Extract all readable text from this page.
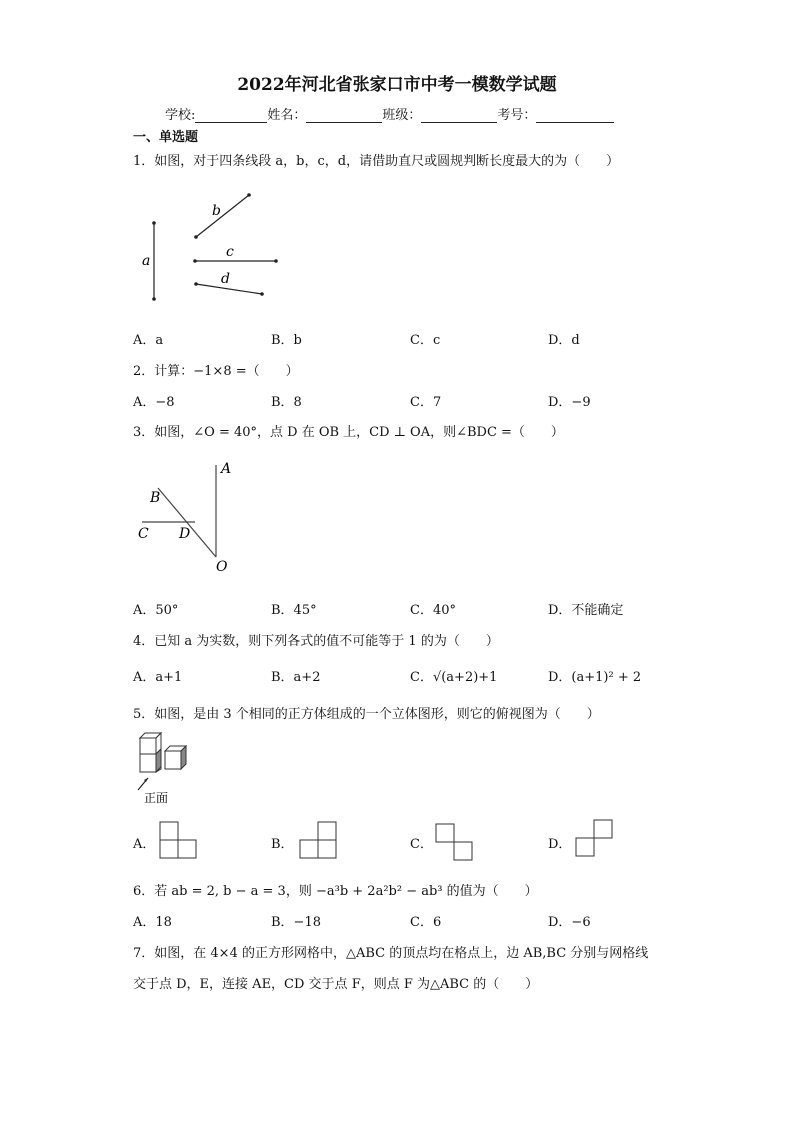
2022年河北省张家口市中考一模数学试题
学校:	姓名：	班级：	考号：
一、单选题
1．如图，对于四条线段 a，b，c，d，请借助直尺或圆规判断长度最大的为（　　）
a
b
c
d
A．a	B．b	C．c	D．d
2．计算：−1×8 =（　　）
A．−8	B．8	C．7	D．−9
3．如图，∠O = 40°，点 D 在 OB 上，CD ⊥ OA，则∠BDC =（　　）
A
B
C D
O
A．50°	B．45°	C．40°	D．不能确定
4．已知 a 为实数，则下列各式的值不可能等于 1 的为（　　）
A．a+1	B．a+2	C．√(a+2)+1	D．(a+1)² + 2
5．如图，是由 3 个相同的正方体组成的一个立体图形，则它的俯视图为（　　）
正面
A．	B．	C．	D．
6．若 ab = 2, b − a = 3，则 −a³b + 2a²b² − ab³ 的值为（　　）
A．18	B．−18	C．6	D．−6
7．如图，在 4×4 的正方形网格中，△ABC 的顶点均在格点上，边 AB,BC 分别与网格线
交于点 D，E，连接 AE，CD 交于点 F，则点 F 为△ABC 的（　　）
